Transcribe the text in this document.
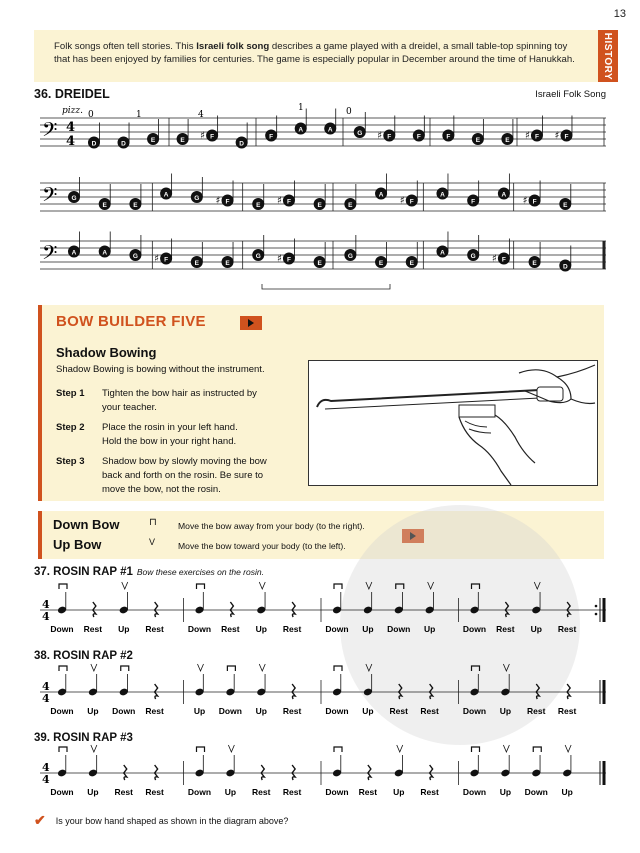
13
Folk songs often tell stories. This Israeli folk song describes a game played with a dreidel, a small table-top spinning toy that has been enjoyed by families for centuries. The game is especially popular in December around the time of Hanukkah.	HISTORY
36. DREIDEL	Israeli Folk Song
pizz. 0	1	4
1	0
𝄢 4
4	D	D	E	E	F
♯
D
F
A	A	G	F
♯	F	F	E	E	F
♯	F
♯
𝄢 G
E	E
A	G	F
♯	E	F
♯	E	E
A
F
♯
A
F
A
F
♯	E
𝄢 A	A	G	F
♯	E	E
G	F
♯	E
G
E	E
A	G	F
♯	E	D
BOW BUILDER FIVE
Shadow Bowing
Shadow Bowing is bowing without the instrument.
Step 1	Tighten the bow hair as instructed by
your teacher.
Step 2	Place the rosin in your left hand.
Hold the bow in your right hand.
Step 3	Shadow bow by slowly moving the bow
back and forth on the rosin. Be sure to
move the bow, not the rosin.
Down Bow	⊓ Move the bow away from your body (to the right).
Up Bow	V	Move the bow toward your body (to the left).
37. ROSIN RAP #1 Bow these exercises on the rosin.
38. ROSIN RAP #2
39. ROSIN RAP #3
4
4
Down Rest Up Rest	Down Rest Up Rest	Down Up Down Up	Down Rest Up Rest
4
4
Down Up Down Rest	Up Down Up Rest	Down Up Rest Rest	Down Up Rest Rest
4
4
Down Up Rest Rest	Down Up Rest Rest	Down Rest Up Rest	Down Up Down Up
✔ Is your bow hand shaped as shown in the diagram above?
